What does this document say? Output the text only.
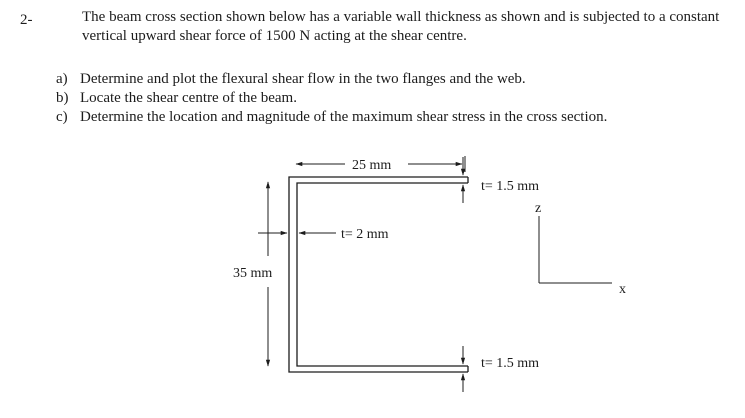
2-	The beam cross section shown below has a variable wall thickness as shown and is subjected to a constant vertical upward shear force of 1500 N acting at the shear centre.
a) Determine and plot the flexural shear flow in the two flanges and the web.
b) Locate the shear centre of the beam.
c) Determine the location and magnitude of the maximum shear stress in the cross section.
25 mm
t= 1.5 mm
t= 1.5 mm
t= 2 mm
35 mm
z
x
